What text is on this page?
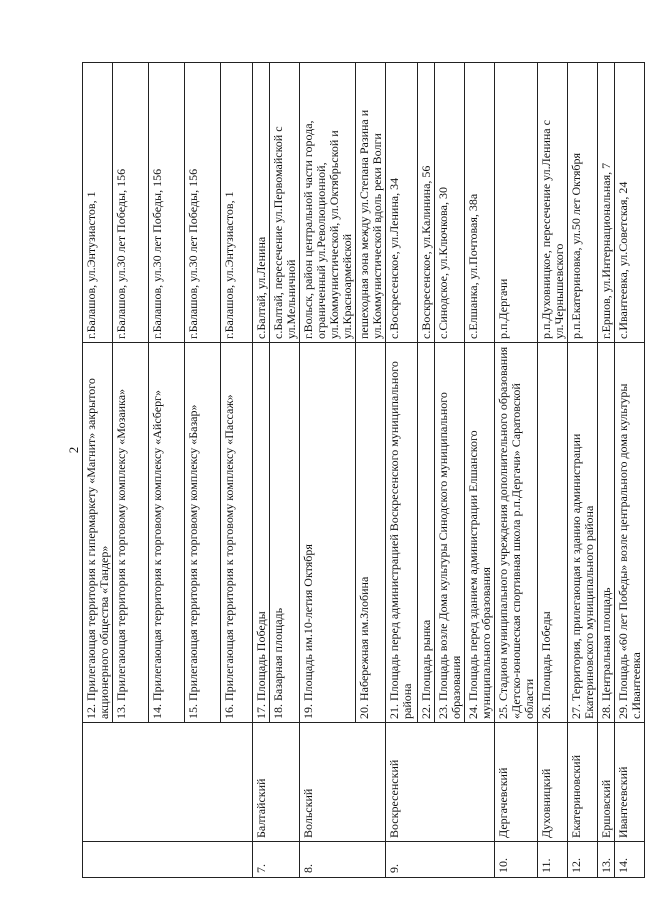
2
		12. Прилегающая территория к гипермаркету «Магнит» закрытого акционерного общества «Тандер»	г.Балашов, ул.Энтузиастов, 1
		13. Прилегающая территория к торговому комплексу «Мозаика»	г.Балашов, ул.30 лет Победы, 156
		14. Прилегающая территория к торговому комплексу «Айсберг»	г.Балашов, ул.30 лет Победы, 156
		15. Прилегающая территория к торговому комплексу «Базар»	г.Балашов, ул.30 лет Победы, 156
		16. Прилегающая территория к торговому комплексу «Пассаж»	г.Балашов, ул.Энтузиастов, 1
7.	Балтайский	17. Площадь Победы	с.Балтай, ул.Ленина
		18. Базарная площадь	с.Балтай, пересечение ул.Первомайской с ул.Мельничной
8.	Вольский	19. Площадь им.10-летия Октября	г.Вольск, район центральной части города, ограниченный ул.Революционной, ул.Коммунистической, ул.Октябрьской и ул.Красноармейской
		20. Набережная им.Злобина	пешеходная зона между ул.Степана Разина и ул.Коммунистической вдоль реки Волги
9.	Воскресенский	21. Площадь перед администрацией Воскресенского муниципального района	с.Воскресенское, ул.Ленина, 34
		22. Площадь рынка	с.Воскресенское, ул.Калинина, 56
		23. Площадь возле Дома культуры Синодского муниципального образования	с.Синодское, ул.Ключкова, 30
		24. Площадь перед зданием администрации Елшанского муниципального образования	с.Елшанка, ул.Почтовая, 38а
10.	Дергачевский	25. Стадион муниципального учреждения дополнительного образования «Детско-юношеская спортивная школа р.п.Дергачи» Саратовской области	р.п.Дергачи
11.	Духовницкий	26. Площадь Победы	р.п.Духовницкое, пересечение ул.Ленина с ул.Чернышевского
12.	Екатериновский	27. Территория, прилегающая к зданию администрации Екатериновского муниципального района	р.п.Екатериновка, ул.50 лет Октября
13.	Ершовский	28. Центральная площадь	г.Ершов, ул.Интернациональная, 7
14.	Ивантеевский	29. Площадь «60 лет Победы» возле центрального дома культуры с.Ивантеевка	с.Ивантеевка, ул.Советская, 24
